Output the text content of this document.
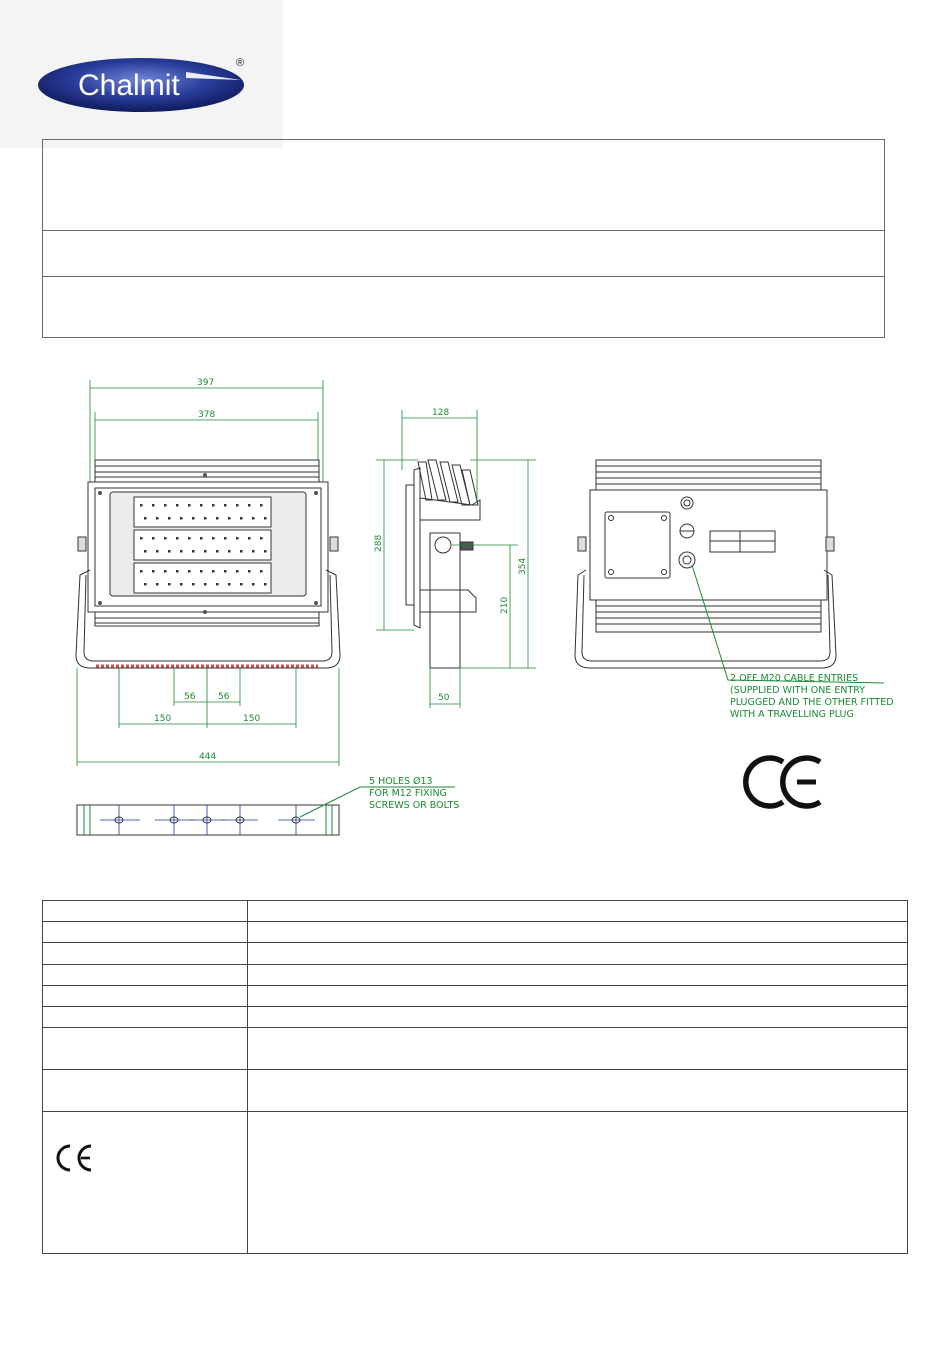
Chalmit
®
397
378
56	56
150	150
444
128
288
354
210
50
2 OFF M20 CABLE ENTRIES
(SUPPLIED WITH ONE ENTRY
PLUGGED AND THE OTHER FITTED
WITH A TRAVELLING PLUG
5 HOLES Ø13
FOR M12 FIXING
SCREWS OR BOLTS
